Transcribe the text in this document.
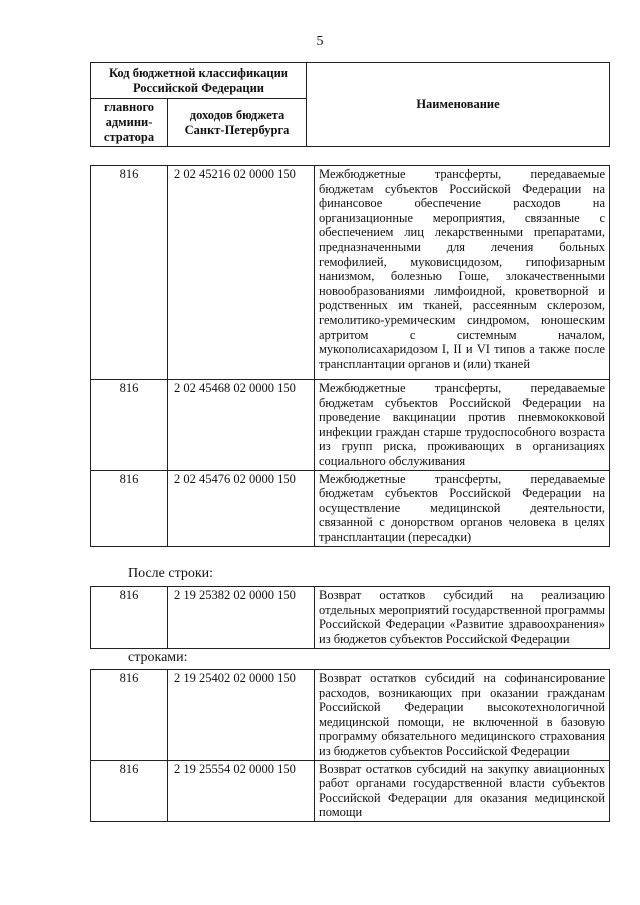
5
Код бюджетной классификации Российской Федерации		Наименование
главного админи-стратора	доходов бюджета Санкт-Петербурга	
816	2 02 45216 02 0000 150	Межбюджетные трансферты, передаваемые бюджетам субъектов Российской Федерации на финансовое обеспечение расходов на организационные мероприятия, связанные с обеспечением лиц лекарственными препаратами, предназначенными для лечения больных гемофилией, муковисцидозом, гипофизарным нанизмом, болезнью Гоше, злокачественными новообразованиями лимфоидной, кроветворной и родственных им тканей, рассеянным склерозом, гемолитико-уремическим синдромом, юношеским артритом с системным началом, мукополисахаридозом I, II и VI типов а также после трансплантации органов и (или) тканей
816	2 02 45468 02 0000 150	Межбюджетные трансферты, передаваемые бюджетам субъектов Российской Федерации на проведение вакцинации против пневмококковой инфекции граждан старше трудоспособного возраста из групп риска, проживающих в организациях социального обслуживания
816	2 02 45476 02 0000 150	Межбюджетные трансферты, передаваемые бюджетам субъектов Российской Федерации на осуществление медицинской деятельности, связанной с донорством органов человека в целях трансплантации (пересадки)
После строки:
816	2 19 25382 02 0000 150	Возврат остатков субсидий на реализацию отдельных мероприятий государственной программы Российской Федерации «Развитие здравоохранения» из бюджетов субъектов Российской Федерации
строками:
816	2 19 25402 02 0000 150	Возврат остатков субсидий на софинансирование расходов, возникающих при оказании гражданам Российской Федерации высокотехнологичной медицинской помощи, не включенной в базовую программу обязательного медицинского страхования из бюджетов субъектов Российской Федерации
816	2 19 25554 02 0000 150	Возврат остатков субсидий на закупку авиационных работ органами государственной власти субъектов Российской Федерации для оказания медицинской помощи
